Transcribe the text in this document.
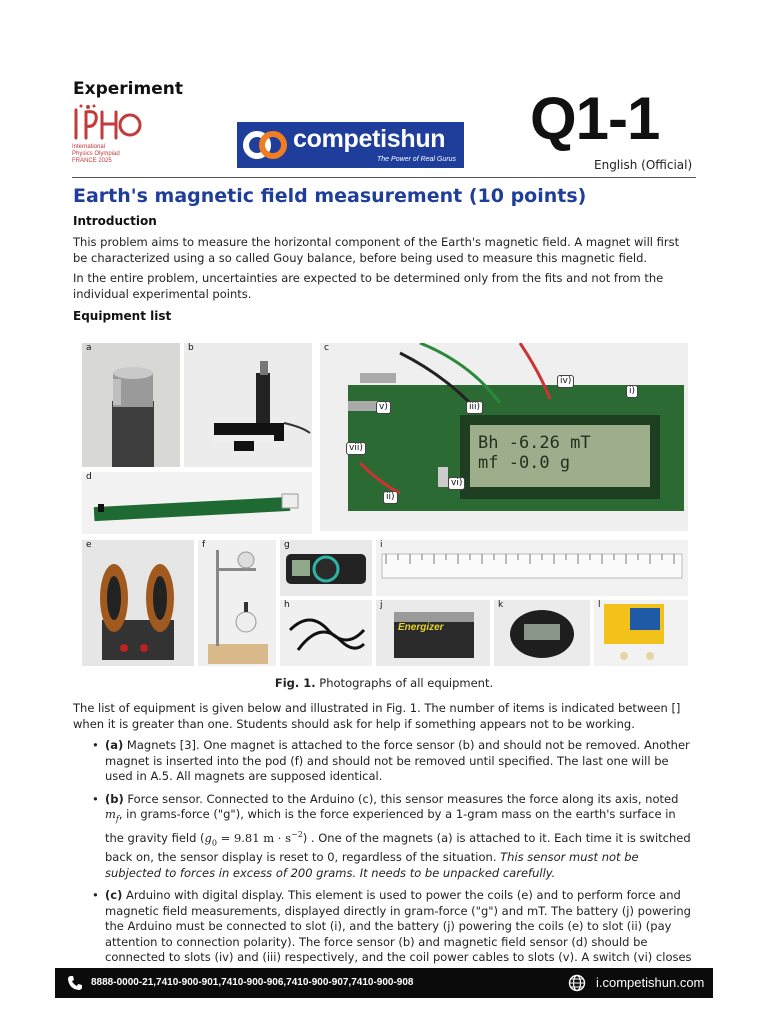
Experiment
International
Physics Olympiad
FRANCE 2025
competishun
The Power of Real Gurus
Q1-1
English (Official)
Earth's magnetic field measurement (10 points)
Introduction
This problem aims to measure the horizontal component of the Earth's magnetic field. A magnet will first be characterized using a so called Gouy balance, before being used to measure this magnetic field.
In the entire problem, uncertainties are expected to be determined only from the fits and not from the individual experimental points.
Equipment list
a	b
Bh -6.26 mT
mf -0.0 g
i)
ii)
iii)
iv)
v)
vi)
vii)
c
d
e	f	g
h
i
Energizer
j	k	l
Fig. 1. Photographs of all equipment.
The list of equipment is given below and illustrated in Fig. 1. The number of items is indicated between [] when it is greater than one. Students should ask for help if something appears not to be working.
• (a) Magnets [3]. One magnet is attached to the force sensor (b) and should not be removed. Another magnet is inserted into the pod (f) and should not be removed until specified. The last one will be used in A.5. All magnets are supposed identical.
• (b) Force sensor. Connected to the Arduino (c), this sensor measures the force along its axis, noted $m_f$, in grams-force ("g"), which is the force experienced by a 1-gram mass on the earth's surface in the gravity field ($g_0 = 9.81$ $m \cdot s^{-2}$) . One of the magnets (a) is attached to it. Each time it is switched back on, the sensor display is reset to 0, regardless of the situation. This sensor must not be subjected to forces in excess of 200 grams. It needs to be unpacked carefully.
• (c) Arduino with digital display. This element is used to power the coils (e) and to perform force and magnetic field measurements, displayed directly in gram-force ("g") and mT. The battery (j) powering the Arduino must be connected to slot (i), and the battery (j) powering the coils (e) to slot (ii) (pay attention to connection polarity). The force sensor (b) and magnetic field sensor (d) should be connected to slots (iv) and (iii) respectively, and the coil power cables to slots (v). A switch (vi) closes
8888-0000-21,7410-900-901,7410-900-906,7410-900-907,7410-900-908	i.competishun.com
